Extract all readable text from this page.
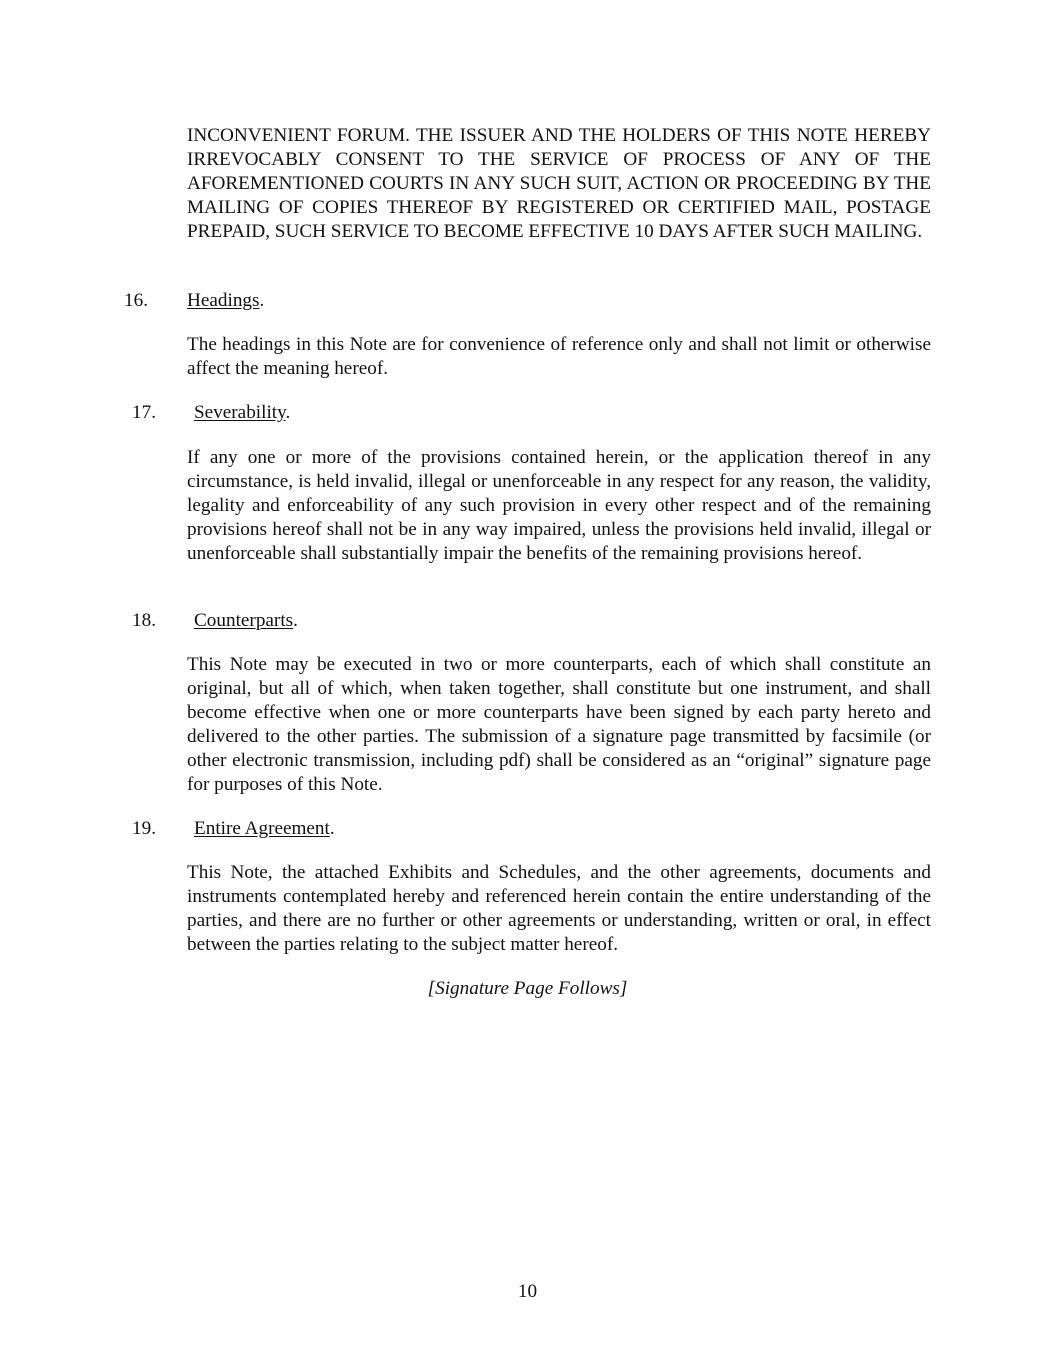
INCONVENIENT FORUM. THE ISSUER AND THE HOLDERS OF THIS NOTE HEREBY IRREVOCABLY CONSENT TO THE SERVICE OF PROCESS OF ANY OF THE AFOREMENTIONED COURTS IN ANY SUCH SUIT, ACTION OR PROCEEDING BY THE MAILING OF COPIES THEREOF BY REGISTERED OR CERTIFIED MAIL, POSTAGE PREPAID, SUCH SERVICE TO BECOME EFFECTIVE 10 DAYS AFTER SUCH MAILING.

16. Headings.

The headings in this Note are for convenience of reference only and shall not limit or otherwise affect the meaning hereof.

17. Severability.

If any one or more of the provisions contained herein, or the application thereof in any circumstance, is held invalid, illegal or unenforceable in any respect for any reason, the validity, legality and enforceability of any such provision in every other respect and of the remaining provisions hereof shall not be in any way impaired, unless the provisions held invalid, illegal or unenforceable shall substantially impair the benefits of the remaining provisions hereof.

18. Counterparts.

This Note may be executed in two or more counterparts, each of which shall constitute an original, but all of which, when taken together, shall constitute but one instrument, and shall become effective when one or more counterparts have been signed by each party hereto and delivered to the other parties. The submission of a signature page transmitted by facsimile (or other electronic transmission, including pdf) shall be considered as an “original” signature page for purposes of this Note.

19. Entire Agreement.

This Note, the attached Exhibits and Schedules, and the other agreements, documents and instruments contemplated hereby and referenced herein contain the entire understanding of the parties, and there are no further or other agreements or understanding, written or oral, in effect between the parties relating to the subject matter hereof.

[Signature Page Follows]
10
